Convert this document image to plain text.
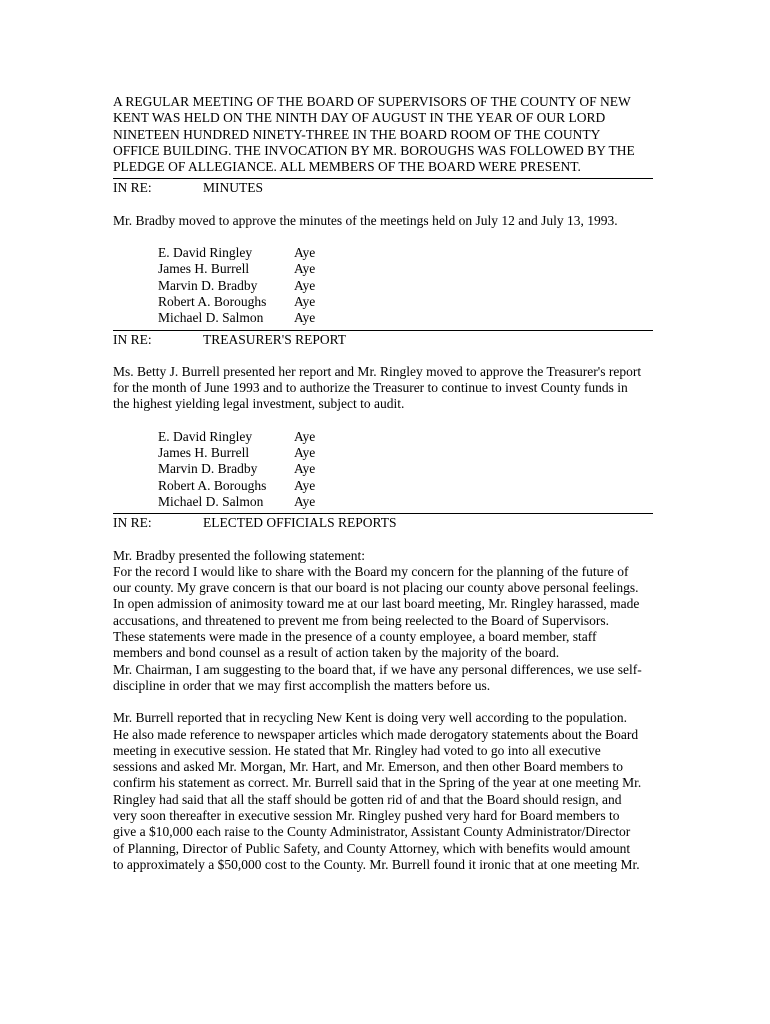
A REGULAR MEETING OF THE BOARD OF SUPERVISORS OF THE COUNTY OF NEW
KENT WAS HELD ON THE NINTH DAY OF AUGUST IN THE YEAR OF OUR LORD
NINETEEN HUNDRED NINETY-THREE IN THE BOARD ROOM OF THE COUNTY
OFFICE BUILDING. THE INVOCATION BY MR. BOROUGHS WAS FOLLOWED BY THE
PLEDGE OF ALLEGIANCE. ALL MEMBERS OF THE BOARD WERE PRESENT.

IN RE:	MINUTES

Mr. Bradby moved to approve the minutes of the meetings held on July 12 and July 13, 1993.

E. David Ringley	Aye
James H. Burrell	Aye
Marvin D. Bradby	Aye
Robert A. Boroughs	Aye
Michael D. Salmon	Aye
IN RE:	TREASURER'S REPORT

Ms. Betty J. Burrell presented her report and Mr. Ringley moved to approve the Treasurer's report
for the month of June 1993 and to authorize the Treasurer to continue to invest County funds in
the highest yielding legal investment, subject to audit.

E. David Ringley	Aye
James H. Burrell	Aye
Marvin D. Bradby	Aye
Robert A. Boroughs	Aye
Michael D. Salmon	Aye
IN RE:	ELECTED OFFICIALS REPORTS

Mr. Bradby presented the following statement:
For the record I would like to share with the Board my concern for the planning of the future of
our county. My grave concern is that our board is not placing our county above personal feelings.
In open admission of animosity toward me at our last board meeting, Mr. Ringley harassed, made
accusations, and threatened to prevent me from being reelected to the Board of Supervisors.
These statements were made in the presence of a county employee, a board member, staff
members and bond counsel as a result of action taken by the majority of the board.
Mr. Chairman, I am suggesting to the board that, if we have any personal differences, we use self-
discipline in order that we may first accomplish the matters before us.

Mr. Burrell reported that in recycling New Kent is doing very well according to the population.
He also made reference to newspaper articles which made derogatory statements about the Board
meeting in executive session. He stated that Mr. Ringley had voted to go into all executive
sessions and asked Mr. Morgan, Mr. Hart, and Mr. Emerson, and then other Board members to
confirm his statement as correct. Mr. Burrell said that in the Spring of the year at one meeting Mr.
Ringley had said that all the staff should be gotten rid of and that the Board should resign, and
very soon thereafter in executive session Mr. Ringley pushed very hard for Board members to
give a $10,000 each raise to the County Administrator, Assistant County Administrator/Director
of Planning, Director of Public Safety, and County Attorney, which with benefits would amount
to approximately a $50,000 cost to the County. Mr. Burrell found it ironic that at one meeting Mr.
